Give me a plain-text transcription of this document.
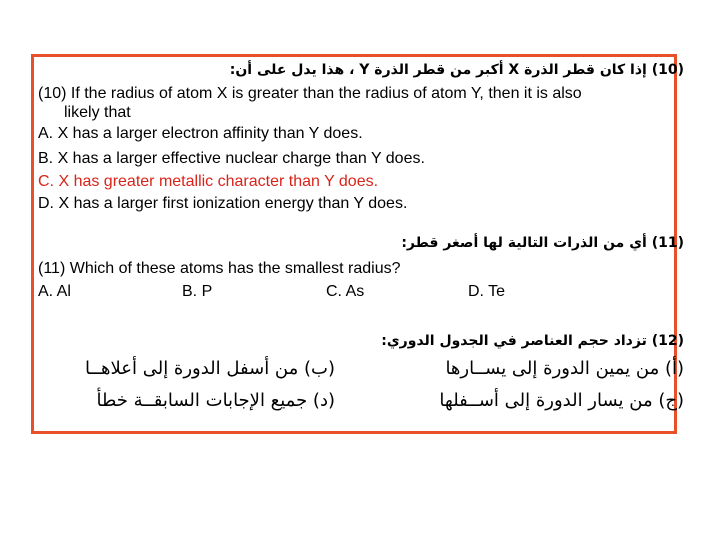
(10) إذا كان قطر الذرة X أكبر من قطر الذرة Y ، هذا يدل على أن:
(10) If the radius of atom X is greater than the radius of atom Y, then it is also
likely that
A. X has a larger electron affinity than Y does.
B. X has a larger effective nuclear charge than Y does.
C. X has greater metallic character than Y does.
D. X has a larger first ionization energy than Y does.
(11) أي من الذرات التالية لها أصغر قطر:
(11) Which of these atoms has the smallest radius?
A. Al	B. P	C. As	D. Te
(12) تزداد حجم العناصر في الجدول الدوري:
(أ) من يمين الدورة إلى يســارها
(ب) من أسفل الدورة إلى أعلاهــا
(ج) من يسار الدورة إلى أســفلها
(د) جميع الإجابات السابقــة خطأ
